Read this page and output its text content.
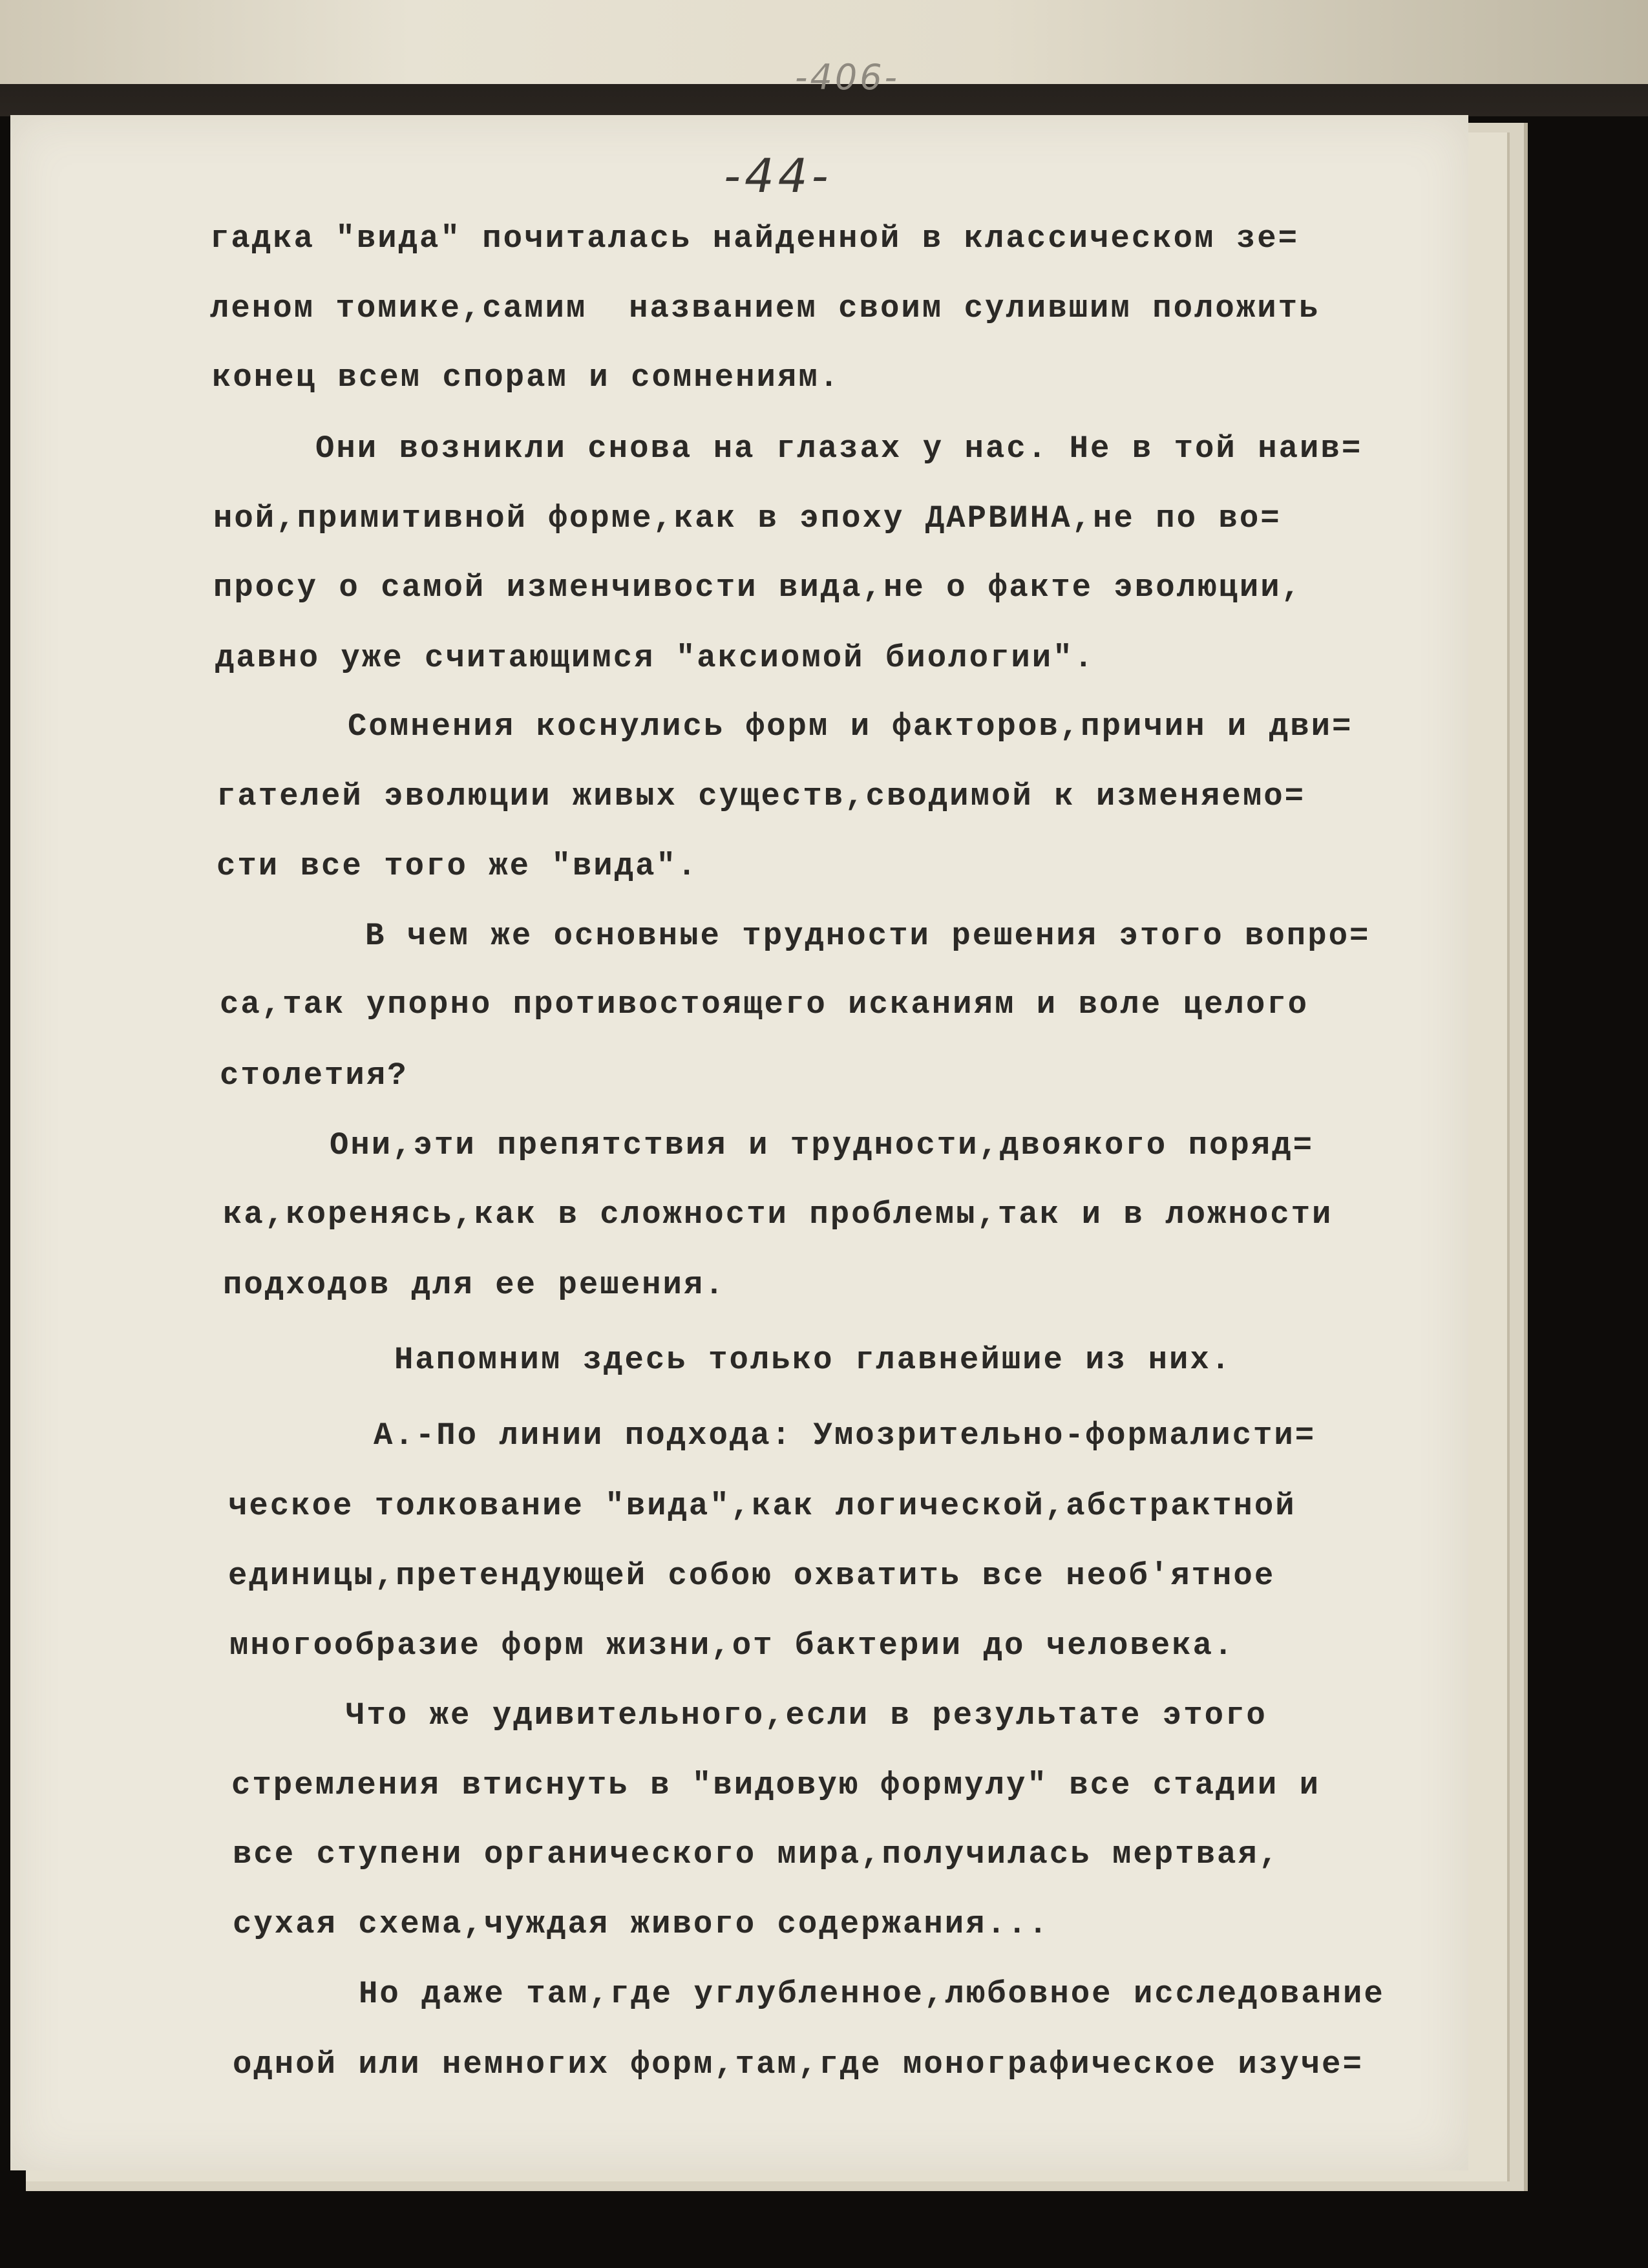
-406-
-44-
гадка "вида" почиталась найденной в классическом зе=
леном томике,самим  названием своим сулившим положить
конец всем спорам и сомнениям.
Они возникли снова на глазах у нас. Не в той наив=
ной,примитивной форме,как в эпоху ДАРВИНА,не по во=
просу о самой изменчивости вида,не о факте эволюции,
давно уже считающимся "аксиомой биологии".
Сомнения коснулись форм и факторов,причин и дви=
гателей эволюции живых существ,сводимой к изменяемо=
сти все того же "вида".
В чем же основные трудности решения этого вопро=
са,так упорно противостоящего исканиям и воле целого
столетия?
Они,эти препятствия и трудности,двоякого поряд=
ка,коренясь,как в сложности проблемы,так и в ложности
подходов для ее решения.
Напомним здесь только главнейшие из них.
А.-По линии подхода: Умозрительно-формалисти=
ческое толкование "вида",как логической,абстрактной
единицы,претендующей собою охватить все необ'ятное
многообразие форм жизни,от бактерии до человека.
Что же удивительного,если в результате этого
стремления втиснуть в "видовую формулу" все стадии и
все ступени органического мира,получилась мертвая,
сухая схема,чуждая живого содержания...
Но даже там,где углубленное,любовное исследование
одной или немногих форм,там,где монографическое изуче=
